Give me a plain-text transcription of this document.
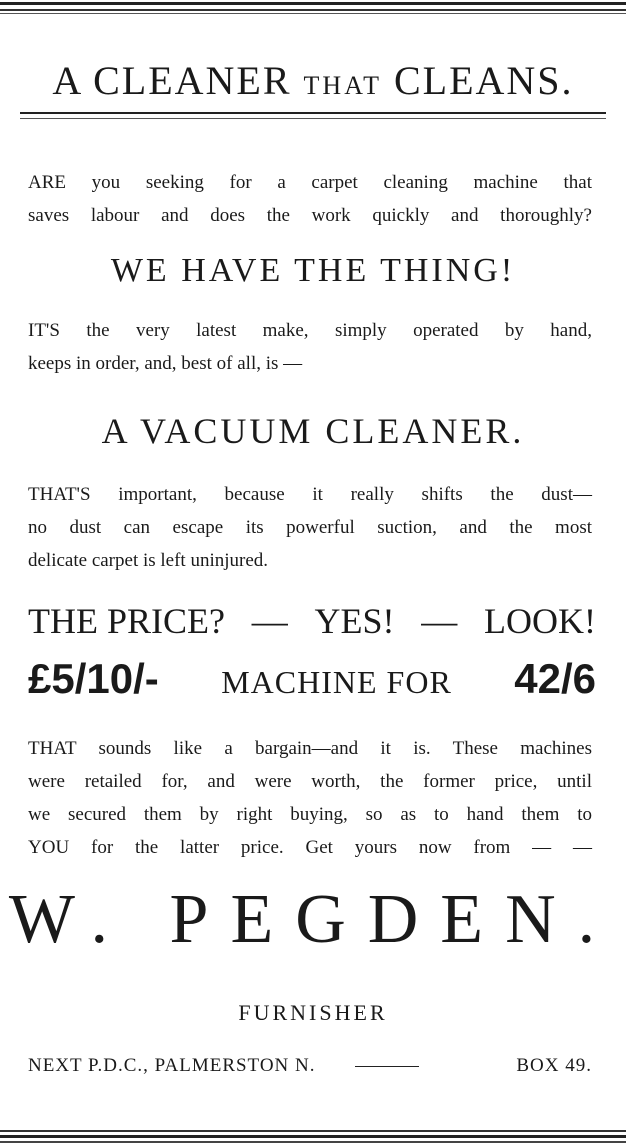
A CLEANER THAT CLEANS.
ARE you seeking for a carpet cleaning machine that
saves labour and does the work quickly and thoroughly?
WE HAVE THE THING!
IT'S the very latest make, simply operated by hand,
keeps in order, and, best of all, is —
A VACUUM CLEANER.
THAT'S important, because it really shifts the dust—
no dust can escape its powerful suction, and the most
delicate carpet is left uninjured.
THE PRICE? — YES! — LOOK!
£5/10/- MACHINE FOR 42/6
THAT sounds like a bargain—and it is. These machines
were retailed for, and were worth, the former price, until
we secured them by right buying, so as to hand them to
YOU for the latter price. Get yours now from — —
W. PEGDEN.
FURNISHER
NEXT P.D.C., PALMERSTON N.	BOX 49.
